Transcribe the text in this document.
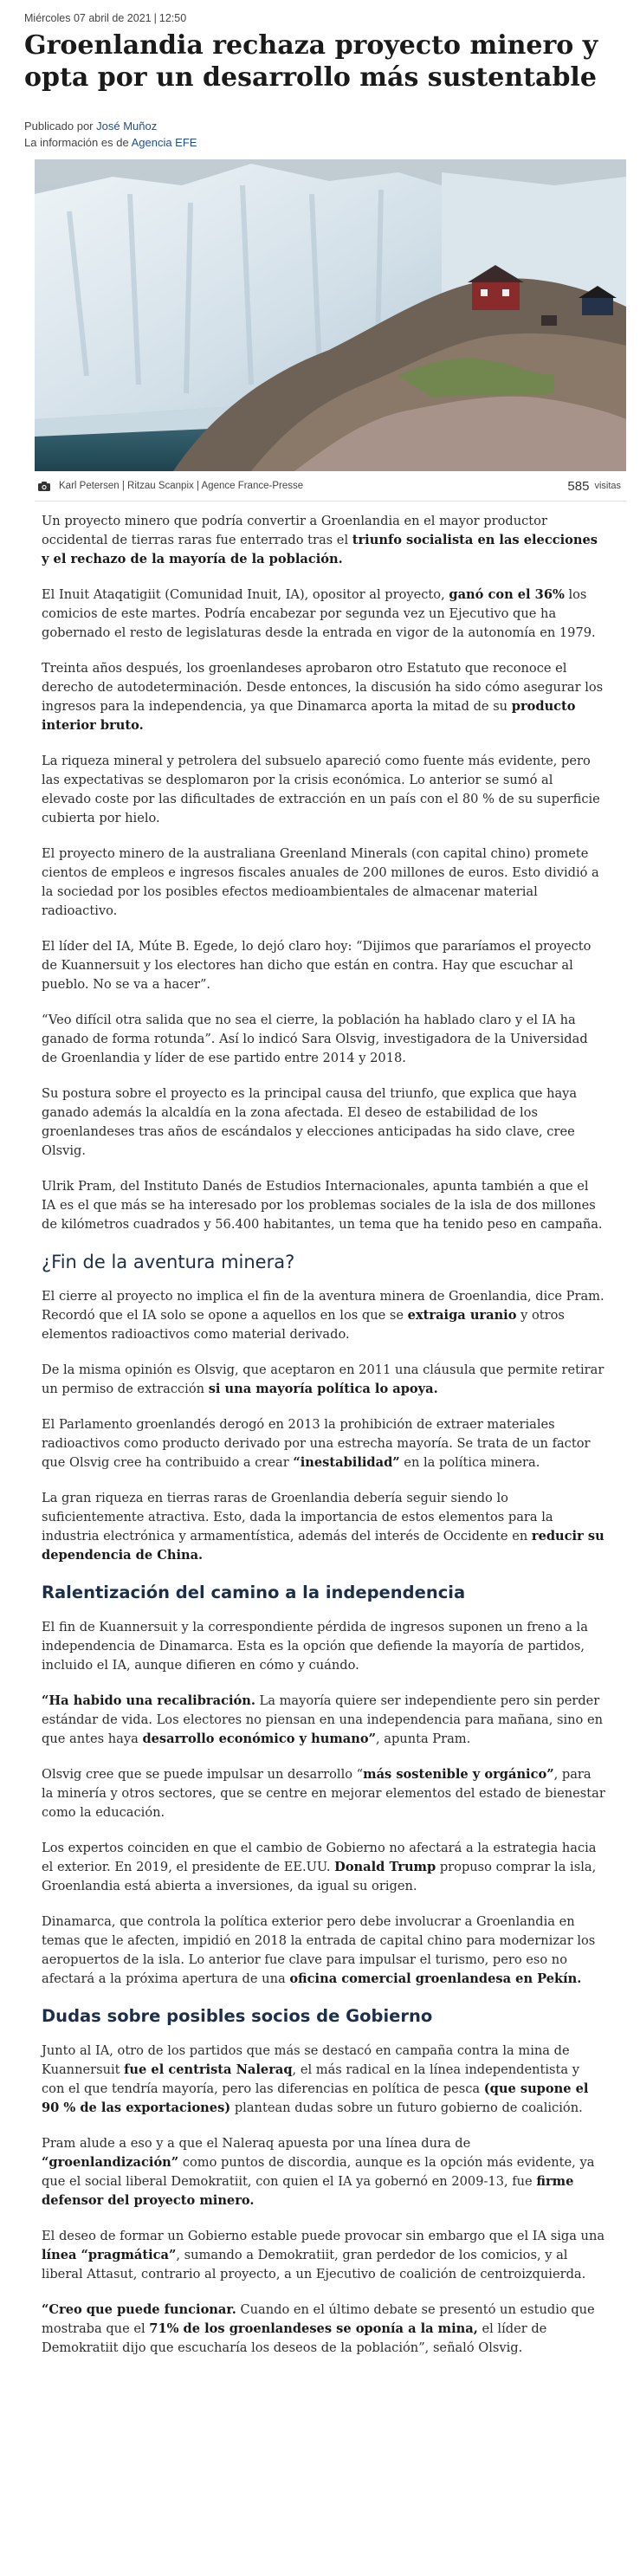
Miércoles 07 abril de 2021 | 12:50
Groenlandia rechaza proyecto minero y opta por un desarrollo más sustentable
Publicado por José Muñoz
La información es de Agencia EFE
Karl Petersen | Ritzau Scanpix | Agence France-Presse	585 visitas

Un proyecto minero que podría convertir a Groenlandia en el mayor productor occidental de tierras raras fue enterrado tras el triunfo socialista en las elecciones y el rechazo de la mayoría de la población.

El Inuit Ataqatigiit (Comunidad Inuit, IA), opositor al proyecto, ganó con el 36% los comicios de este martes. Podría encabezar por segunda vez un Ejecutivo que ha gobernado el resto de legislaturas desde la entrada en vigor de la autonomía en 1979.

Treinta años después, los groenlandeses aprobaron otro Estatuto que reconoce el derecho de autodeterminación. Desde entonces, la discusión ha sido cómo asegurar los ingresos para la independencia, ya que Dinamarca aporta la mitad de su producto interior bruto.

La riqueza mineral y petrolera del subsuelo apareció como fuente más evidente, pero las expectativas se desplomaron por la crisis económica. Lo anterior se sumó al elevado coste por las dificultades de extracción en un país con el 80 % de su superficie cubierta por hielo.

El proyecto minero de la australiana Greenland Minerals (con capital chino) promete cientos de empleos e ingresos fiscales anuales de 200 millones de euros. Esto dividió a la sociedad por los posibles efectos medioambientales de almacenar material radioactivo.

El líder del IA, Múte B. Egede, lo dejó claro hoy: “Dijimos que pararíamos el proyecto de Kuannersuit y los electores han dicho que están en contra. Hay que escuchar al pueblo. No se va a hacer”.

“Veo difícil otra salida que no sea el cierre, la población ha hablado claro y el IA ha ganado de forma rotunda”. Así lo indicó Sara Olsvig, investigadora de la Universidad de Groenlandia y líder de ese partido entre 2014 y 2018.

Su postura sobre el proyecto es la principal causa del triunfo, que explica que haya ganado además la alcaldía en la zona afectada. El deseo de estabilidad de los groenlandeses tras años de escándalos y elecciones anticipadas ha sido clave, cree Olsvig.

Ulrik Pram, del Instituto Danés de Estudios Internacionales, apunta también a que el IA es el que más se ha interesado por los problemas sociales de la isla de dos millones de kilómetros cuadrados y 56.400 habitantes, un tema que ha tenido peso en campaña.

¿Fin de la aventura minera?

El cierre al proyecto no implica el fin de la aventura minera de Groenlandia, dice Pram. Recordó que el IA solo se opone a aquellos en los que se extraiga uranio y otros elementos radioactivos como material derivado.

De la misma opinión es Olsvig, que aceptaron en 2011 una cláusula que permite retirar un permiso de extracción si una mayoría política lo apoya.

El Parlamento groenlandés derogó en 2013 la prohibición de extraer materiales radioactivos como producto derivado por una estrecha mayoría. Se trata de un factor que Olsvig cree ha contribuido a crear “inestabilidad” en la política minera.

La gran riqueza en tierras raras de Groenlandia debería seguir siendo lo suficientemente atractiva. Esto, dada la importancia de estos elementos para la industria electrónica y armamentística, además del interés de Occidente en reducir su dependencia de China.

Ralentización del camino a la independencia

El fin de Kuannersuit y la correspondiente pérdida de ingresos suponen un freno a la independencia de Dinamarca. Esta es la opción que defiende la mayoría de partidos, incluido el IA, aunque difieren en cómo y cuándo.

“Ha habido una recalibración. La mayoría quiere ser independiente pero sin perder estándar de vida. Los electores no piensan en una independencia para mañana, sino en que antes haya desarrollo económico y humano”, apunta Pram.

Olsvig cree que se puede impulsar un desarrollo “más sostenible y orgánico”, para la minería y otros sectores, que se centre en mejorar elementos del estado de bienestar como la educación.

Los expertos coinciden en que el cambio de Gobierno no afectará a la estrategia hacia el exterior. En 2019, el presidente de EE.UU. Donald Trump propuso comprar la isla, Groenlandia está abierta a inversiones, da igual su origen.

Dinamarca, que controla la política exterior pero debe involucrar a Groenlandia en temas que le afecten, impidió en 2018 la entrada de capital chino para modernizar los aeropuertos de la isla. Lo anterior fue clave para impulsar el turismo, pero eso no afectará a la próxima apertura de una oficina comercial groenlandesa en Pekín.

Dudas sobre posibles socios de Gobierno

Junto al IA, otro de los partidos que más se destacó en campaña contra la mina de Kuannersuit fue el centrista Naleraq, el más radical en la línea independentista y con el que tendría mayoría, pero las diferencias en política de pesca (que supone el 90 % de las exportaciones) plantean dudas sobre un futuro gobierno de coalición.

Pram alude a eso y a que el Naleraq apuesta por una línea dura de “groenlandización” como puntos de discordia, aunque es la opción más evidente, ya que el social liberal Demokratiit, con quien el IA ya gobernó en 2009-13, fue firme defensor del proyecto minero.

El deseo de formar un Gobierno estable puede provocar sin embargo que el IA siga una línea “pragmática”, sumando a Demokratiit, gran perdedor de los comicios, y al liberal Attasut, contrario al proyecto, a un Ejecutivo de coalición de centroizquierda.

“Creo que puede funcionar. Cuando en el último debate se presentó un estudio que mostraba que el 71% de los groenlandeses se oponía a la mina, el líder de Demokratiit dijo que escucharía los deseos de la población”, señaló Olsvig.
